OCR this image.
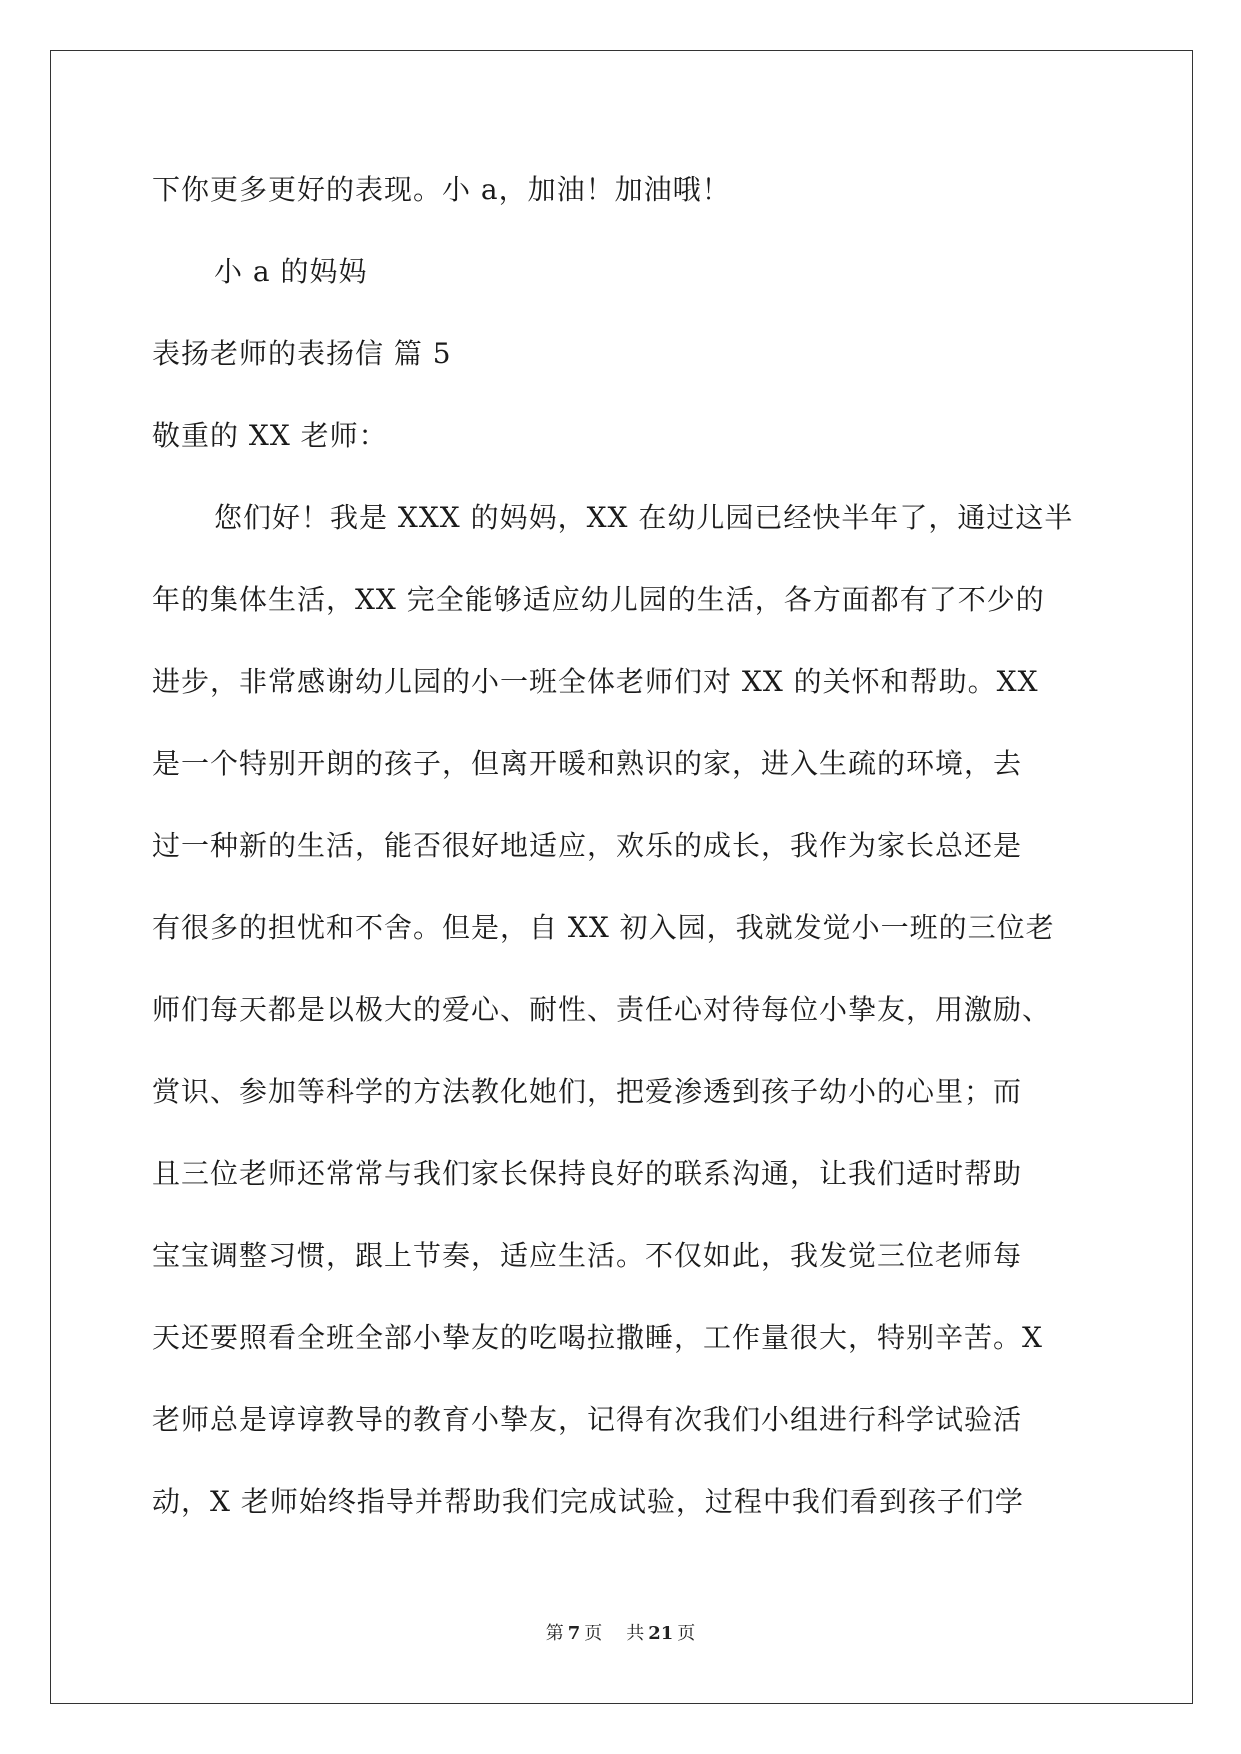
下你更多更好的表现。小 a，加油！加油哦！
小 a 的妈妈
表扬老师的表扬信 篇 5
敬重的 XX 老师：
您们好！我是 XXX 的妈妈，XX 在幼儿园已经快半年了，通过这半
年的集体生活，XX 完全能够适应幼儿园的生活，各方面都有了不少的
进步，非常感谢幼儿园的小一班全体老师们对 XX 的关怀和帮助。XX
是一个特别开朗的孩子，但离开暖和熟识的家，进入生疏的环境，去
过一种新的生活，能否很好地适应，欢乐的成长，我作为家长总还是
有很多的担忧和不舍。但是，自 XX 初入园，我就发觉小一班的三位老
师们每天都是以极大的爱心、耐性、责任心对待每位小挚友，用激励、
赏识、参加等科学的方法教化她们，把爱渗透到孩子幼小的心里；而
且三位老师还常常与我们家长保持良好的联系沟通，让我们适时帮助
宝宝调整习惯，跟上节奏，适应生活。不仅如此，我发觉三位老师每
天还要照看全班全部小挚友的吃喝拉撒睡，工作量很大，特别辛苦。X
老师总是谆谆教导的教育小挚友，记得有次我们小组进行科学试验活
动，X 老师始终指导并帮助我们完成试验，过程中我们看到孩子们学
第 7 页 共 21 页
